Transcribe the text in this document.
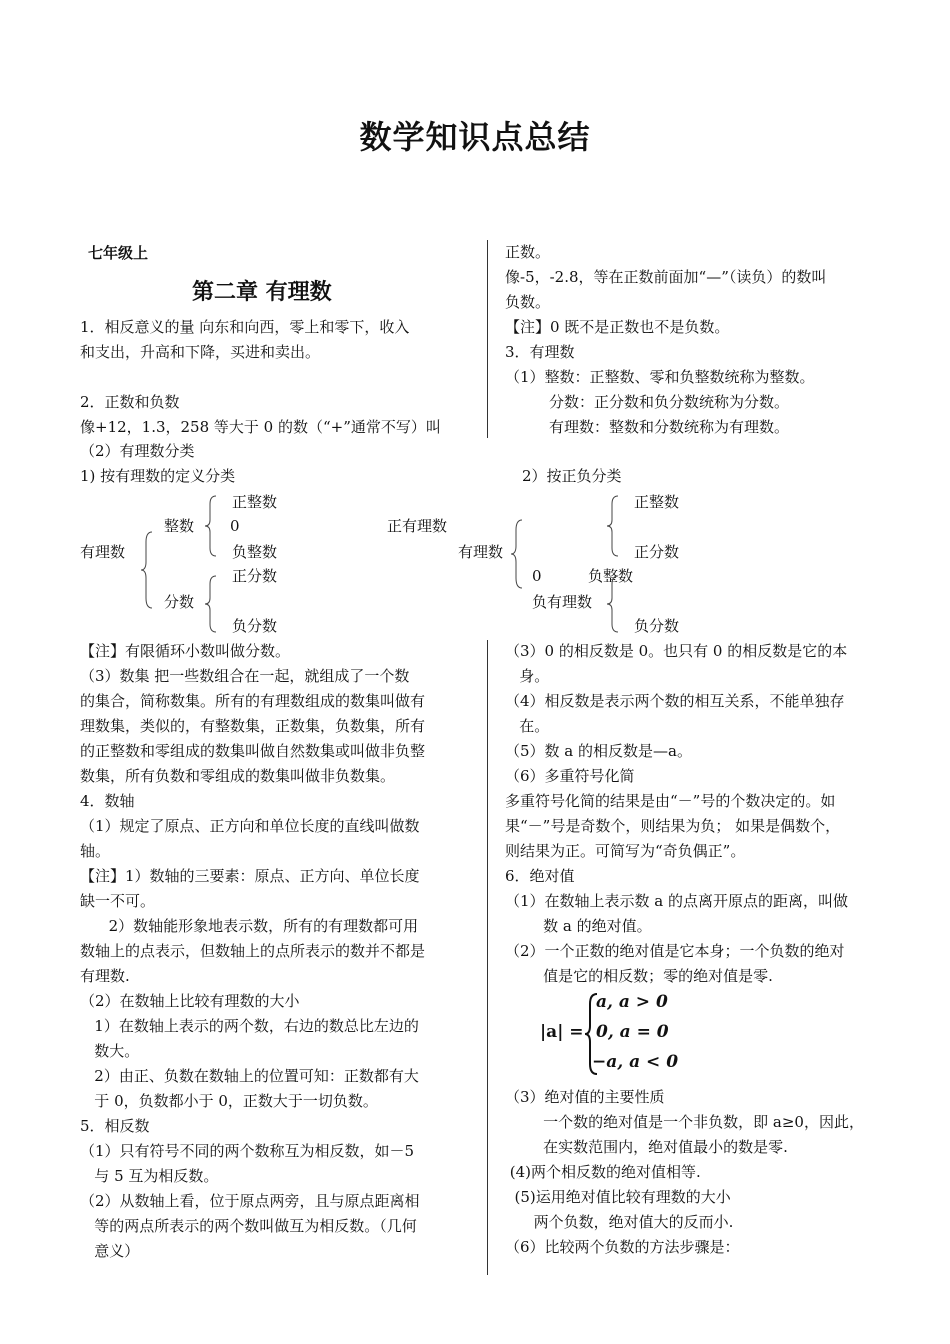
数学知识点总结
七年级上
第二章 有理数

1．相反意义的量 向东和向西，零上和零下，收入

和支出，升高和下降，买进和卖出。

2．正数和负数

像+12，1.3，258 等大于 0 的数（“+”通常不写）叫

正数。

像-5，-2.8，等在正数前面加“—”（读负）的数叫

负数。

【注】0 既不是正数也不是负数。

3．有理数

（1）整数：正整数、零和负整数统称为整数。

分数：正分数和负分数统称为分数。

有理数：整数和分数统称为有理数。

（2）有理数分类
1) 按有理数的定义分类	2）按正负分类
有理数
整数
分数
正整数
0
负整数
正分数
负分数
正有理数
有理数
正整数
正分数
0	负整数
负有理数
负分数

【注】有限循环小数叫做分数。

（3）数集 把一些数组合在一起，就组成了一个数

的集合，简称数集。所有的有理数组成的数集叫做有

理数集，类似的，有整数集，正数集，负数集，所有

的正整数和零组成的数集叫做自然数集或叫做非负整

数集，所有负数和零组成的数集叫做非负数集。

4．数轴

（1）规定了原点、正方向和单位长度的直线叫做数

轴。

【注】1）数轴的三要素：原点、正方向、单位长度

缺一不可。

2）数轴能形象地表示数，所有的有理数都可用

数轴上的点表示，但数轴上的点所表示的数并不都是

有理数.

（2）在数轴上比较有理数的大小

1）在数轴上表示的两个数，右边的数总比左边的

数大。

2）由正、负数在数轴上的位置可知：正数都有大

于 0，负数都小于 0，正数大于一切负数。

5．相反数

（1）只有符号不同的两个数称互为相反数，如－5

与 5 互为相反数。

（2）从数轴上看，位于原点两旁，且与原点距离相

等的两点所表示的两个数叫做互为相反数。（几何

意义）

（3）0 的相反数是 0。也只有 0 的相反数是它的本

身。

（4）相反数是表示两个数的相互关系，不能单独存

在。

（5）数 a 的相反数是—a。

（6）多重符号化简

多重符号化简的结果是由“－”号的个数决定的。如

果“－”号是奇数个，则结果为负； 如果是偶数个，

则结果为正。可简写为“奇负偶正”。

6．绝对值

（1）在数轴上表示数 a 的点离开原点的距离，叫做

数 a 的绝对值。

（2）一个正数的绝对值是它本身；一个负数的绝对

值是它的相反数；零的绝对值是零.

|a| =
a, a > 0
0, a = 0
−a, a < 0

（3）绝对值的主要性质

一个数的绝对值是一个非负数，即 a≥0，因此，

在实数范围内，绝对值最小的数是零.

(4)两个相反数的绝对值相等.

(5)运用绝对值比较有理数的大小

两个负数，绝对值大的反而小.

（6）比较两个负数的方法步骤是：
